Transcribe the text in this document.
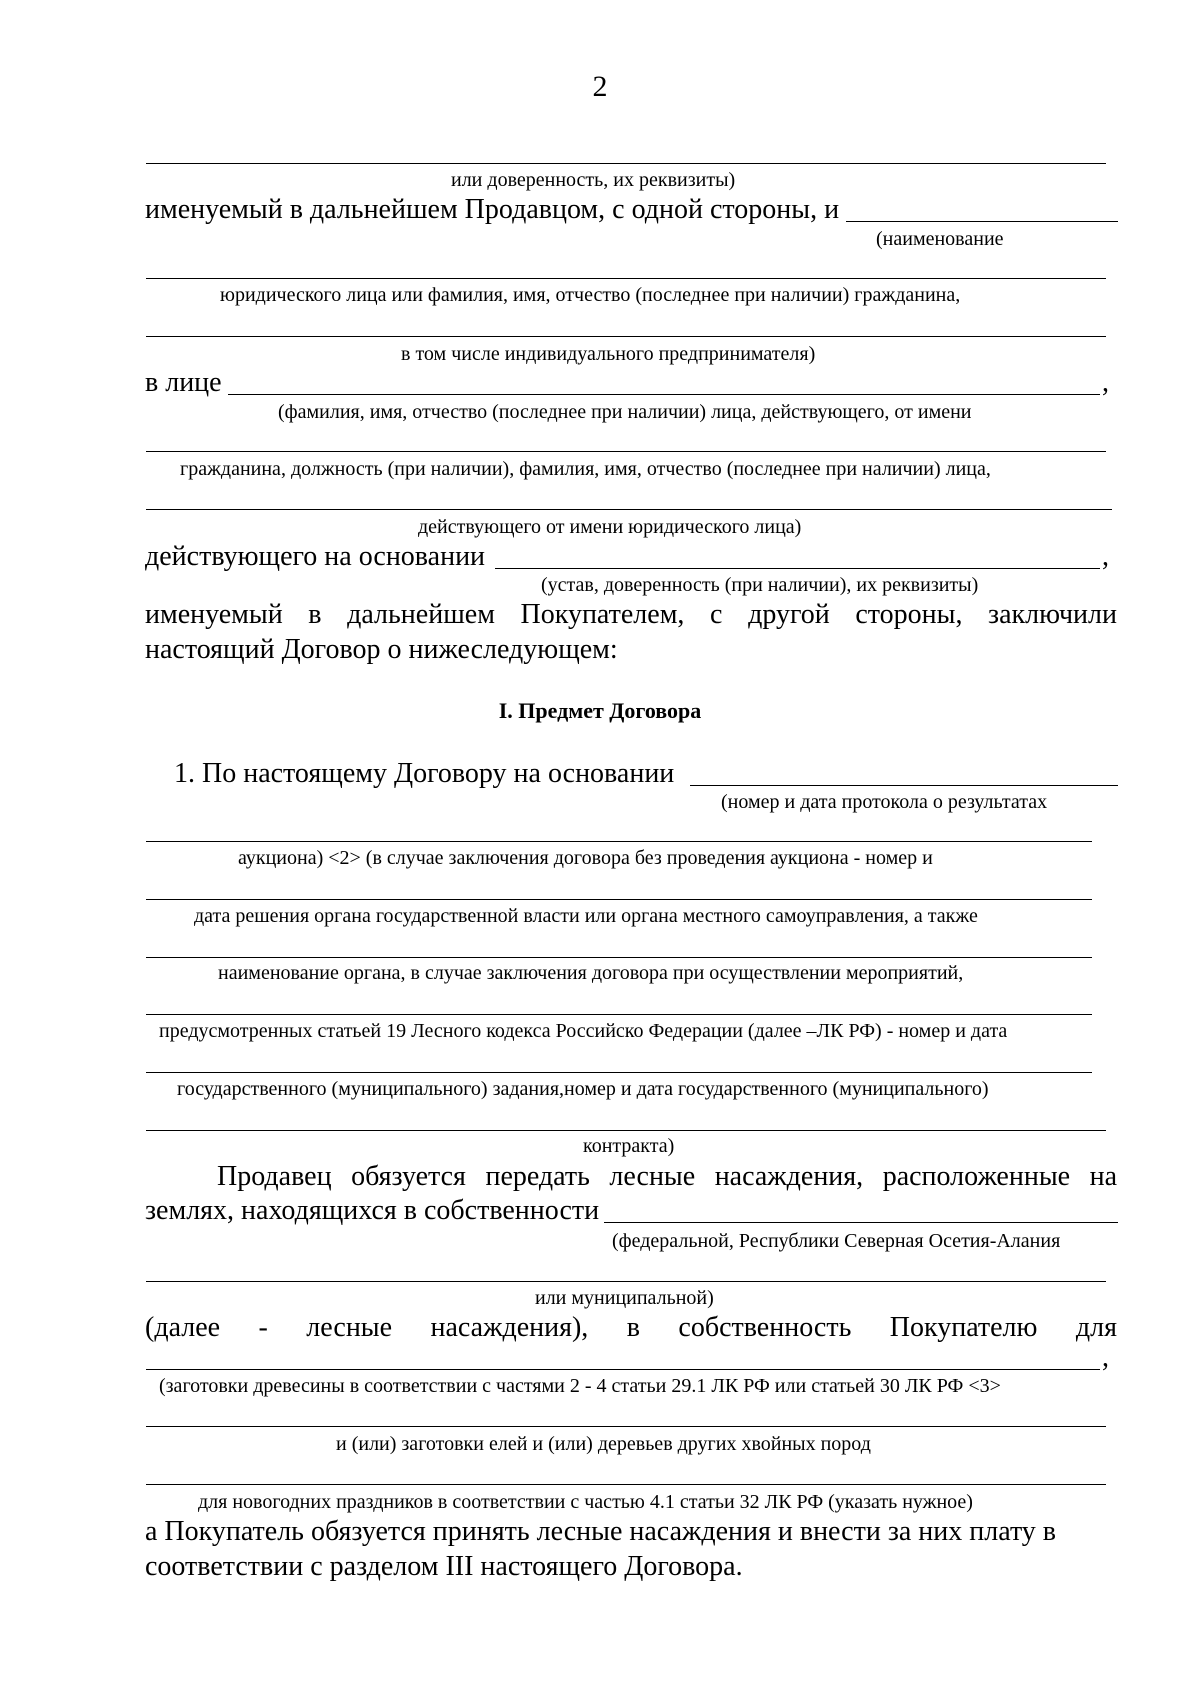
2
или доверенность, их реквизиты)
именуемый в дальнейшем Продавцом, с одной стороны, и
(наименование
юридического лица или фамилия, имя, отчество (последнее при наличии) гражданина,
в том числе индивидуального предпринимателя)
в лице	,
(фамилия, имя, отчество (последнее при наличии) лица, действующего, от имени
гражданина, должность (при наличии), фамилия, имя, отчество (последнее при наличии) лица,
действующего от имени юридического лица)
действующего на основании	,
(устав, доверенность (при наличии), их реквизиты)
именуемый в дальнейшем Покупателем, с другой стороны, заключили
настоящий Договор о нижеследующем:
I. Предмет Договора
1. По настоящему Договору на основании
(номер и дата протокола о результатах
аукциона) <2> (в случае заключения договора без проведения аукциона - номер и
дата решения органа государственной власти или органа местного самоуправления, а также
наименование органа, в случае заключения договора при осуществлении мероприятий,
предусмотренных статьей 19 Лесного кодекса Российско Федерации (далее –ЛК РФ) - номер и дата
государственного (муниципального) задания,номер и дата государственного (муниципального)
контракта)
Продавец обязуется передать лесные насаждения, расположенные на
землях, находящихся в собственности
(федеральной, Республики Северная Осетия-Алания
или муниципальной)
(далее - лесные насаждения), в собственность Покупателю для
,
(заготовки древесины в соответствии с частями 2 - 4 статьи 29.1 ЛК РФ или статьей 30 ЛК РФ <3>
и (или) заготовки елей и (или) деревьев других хвойных пород
для новогодних праздников в соответствии с частью 4.1 статьи 32 ЛК РФ (указать нужное)
а Покупатель обязуется принять лесные насаждения и внести за них плату в
соответствии с разделом III настоящего Договора.
